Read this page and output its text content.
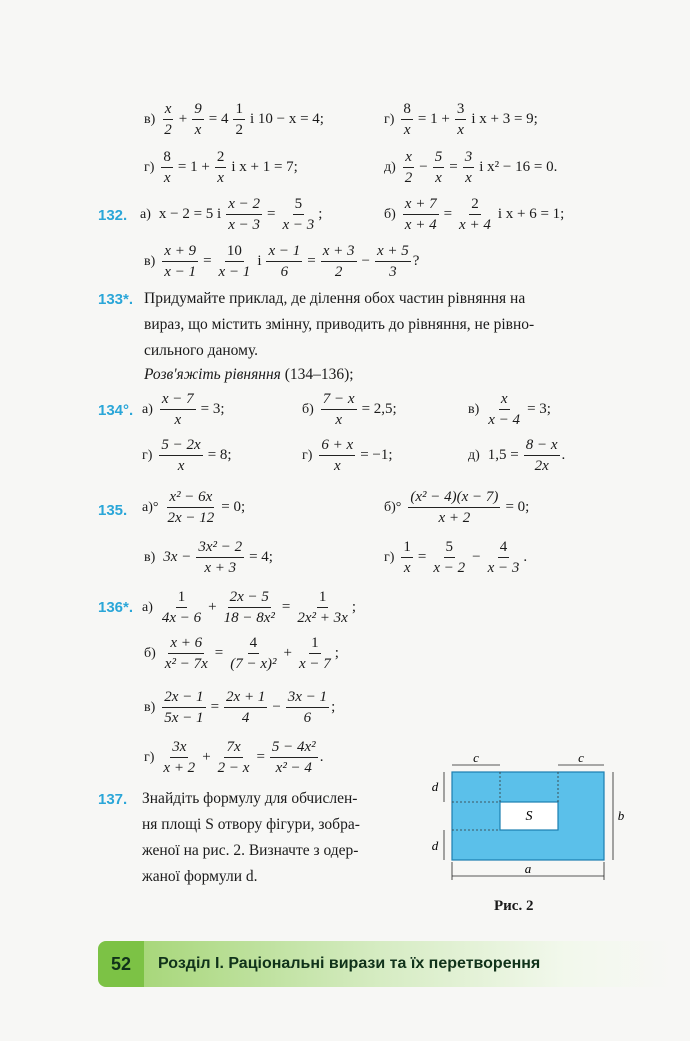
$в) \frac{x}{2} + \frac{9}{x} = 4 \frac{1}{2}$ і 10 − x = 4;	$г) \frac{8}{x} = 1 + \frac{3}{x}$ і x + 3 = 9;
$г) \frac{8}{x} = 1 + \frac{2}{x}$ і x + 1 = 7;	$д) \frac{x}{2} - \frac{5}{x} = \frac{3}{x}$ і x² − 16 = 0.
132. а) x − 2 = 5 і $\frac{x - 2}{x - 3} = \frac{5}{x - 3}$ ;	$б) \frac{x + 7}{x + 4} = \frac{2}{x + 4}$ і x + 6 = 1;
$в) \frac{x + 9}{x - 1} = \frac{10}{x - 1}$ і $\frac{x - 1}{6} = \frac{x + 3}{2} - \frac{x + 5}{3}$ ?
133*. Придумайте приклад, де ділення обох частин рівняння на
вираз, що містить змінну, приводить до рівняння, не рівно-
сильного даному.
Розв'яжіть рівняння (134–136);
134°. $а) \frac{x - 7}{x} = 3$;	$б) \frac{7 - x}{x} = 2,5$;	$в) \frac{x}{x - 4} = 3$;
$г) \frac{5 - 2x}{x} = 8$;	$г) \frac{6 + x}{x} = -1$;	д) $1,5 = \frac{8 - x}{2x}$ .
135. $а)^\circ \frac{\text{x² − 6x}}{2x - 12} = 0$;	$б)^\circ \frac{\text{(x² − 4)(x − 7)}}{x + 2} = 0$;
в) $3x - \frac{\text{3x² − 2}}{x + 3} = 4$;	$г) \frac{1}{x} = \frac{5}{x - 2} - \frac{4}{x - 3}$ .
136*. $а) \frac{1}{4x - 6} + \frac{2x - 5}{\text{18 − 8x²}} = \frac{1}{\text{2x² + 3x}}$ ;
$б) \frac{x + 6}{\text{x² − 7x}} = \frac{4}{\text{(7 − x)²}} + \frac{1}{x - 7}$ ;
$в) \frac{2x - 1}{5x - 1} = \frac{2x + 1}{4} - \frac{3x - 1}{6}$ ;
$г) \frac{3x}{x + 2} + \frac{7x}{2 - x} = \frac{\text{5 − 4x²}}{\text{x² − 4}}$ .
137. Знайдіть формулу для обчислен-
ня площі S отвору фігури, зобра-
женої на рис. 2. Визначте з одер-
жаної формули d.
c	c
d
d
S	b
a
Рис. 2
52	Розділ І. Раціональні вирази та їх перетворення
